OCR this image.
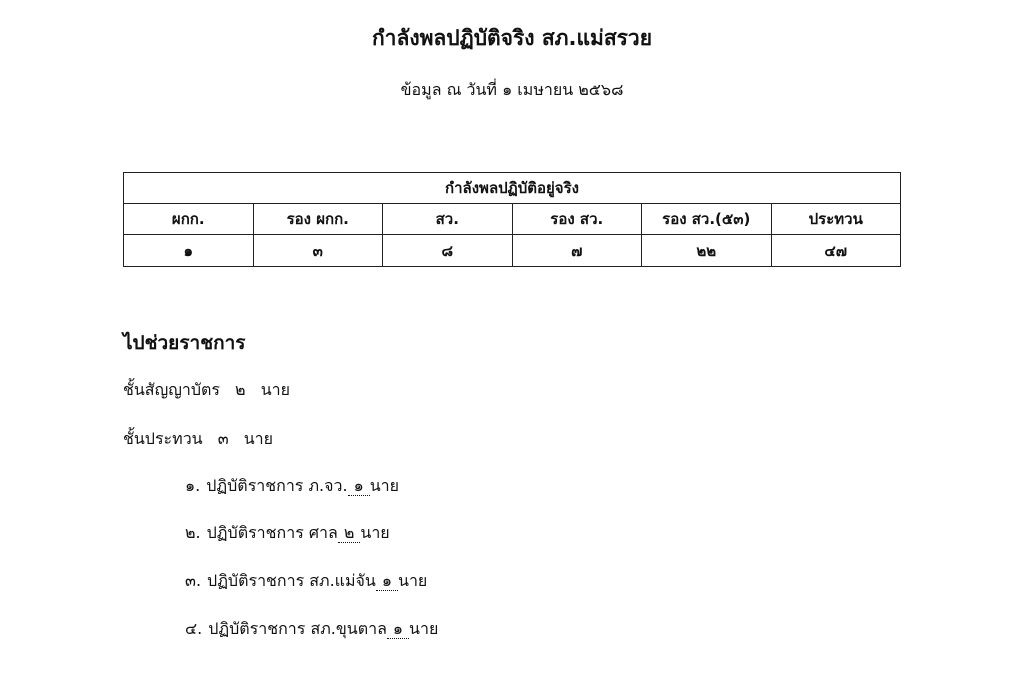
กำลังพลปฏิบัติจริง สภ.แม่สรวย
ข้อมูล ณ วันที่ ๑ เมษายน ๒๕๖๘
กำลังพลปฏิบัติอยู่จริง					
ผกก.	รอง ผกก.	สว.	รอง สว.	รอง สว.(๕๓)	ประทวน
๑	๓	๘	๗	๒๒	๔๗
ไปช่วยราชการ
ชั้นสัญญาบัตร ๒ นาย
ชั้นประทวน ๓ นาย
๑. ปฏิบัติราชการ ภ.จว. ๑ นาย
๒. ปฏิบัติราชการ ศาล ๒ นาย
๓. ปฏิบัติราชการ สภ.แม่จัน ๑ นาย
๔. ปฏิบัติราชการ สภ.ขุนตาล ๑ นาย
